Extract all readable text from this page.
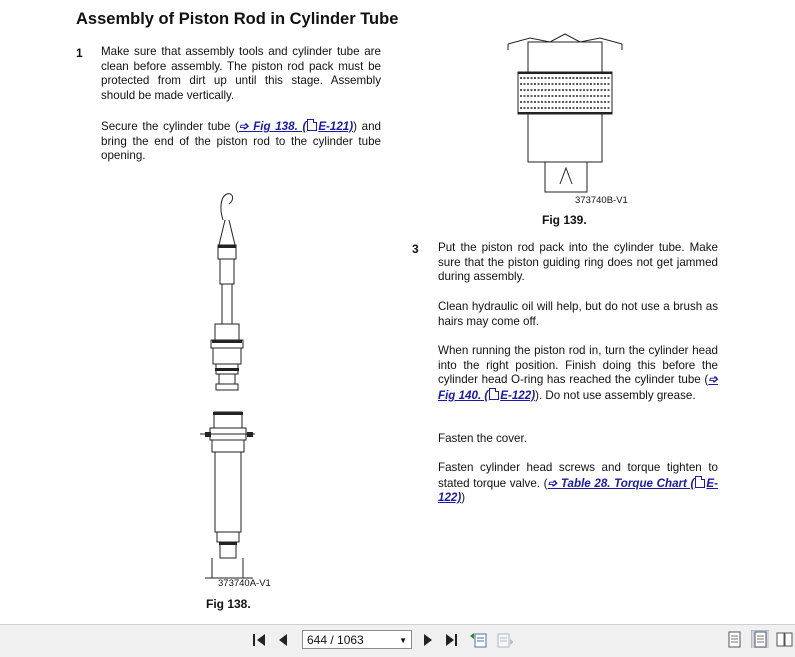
Assembly of Piston Rod in Cylinder Tube
1 Make sure that assembly tools and cylinder tube are clean before assembly. The piston rod pack must be protected from dirt up until this stage. Assembly should be made vertically.
Secure the cylinder tube (➩ Fig 138. ( E-121)) and bring the end of the piston rod to the cylinder tube opening.
373740A-V1
Fig 138.
373740B-V1
Fig 139.
3 Put the piston rod pack into the cylinder tube. Make sure that the piston guiding ring does not get jammed during assembly.
Clean hydraulic oil will help, but do not use a brush as hairs may come off.
When running the piston rod in, turn the cylinder head into the right position. Finish doing this before the cylinder head O-ring has reached the cylinder tube (➩ Fig 140. ( E-122)). Do not use assembly grease.
Fasten the cover.
Fasten cylinder head screws and torque tighten to stated torque valve. (➩ Table 28. Torque Chart ( E-122))
644 / 1063	▼
